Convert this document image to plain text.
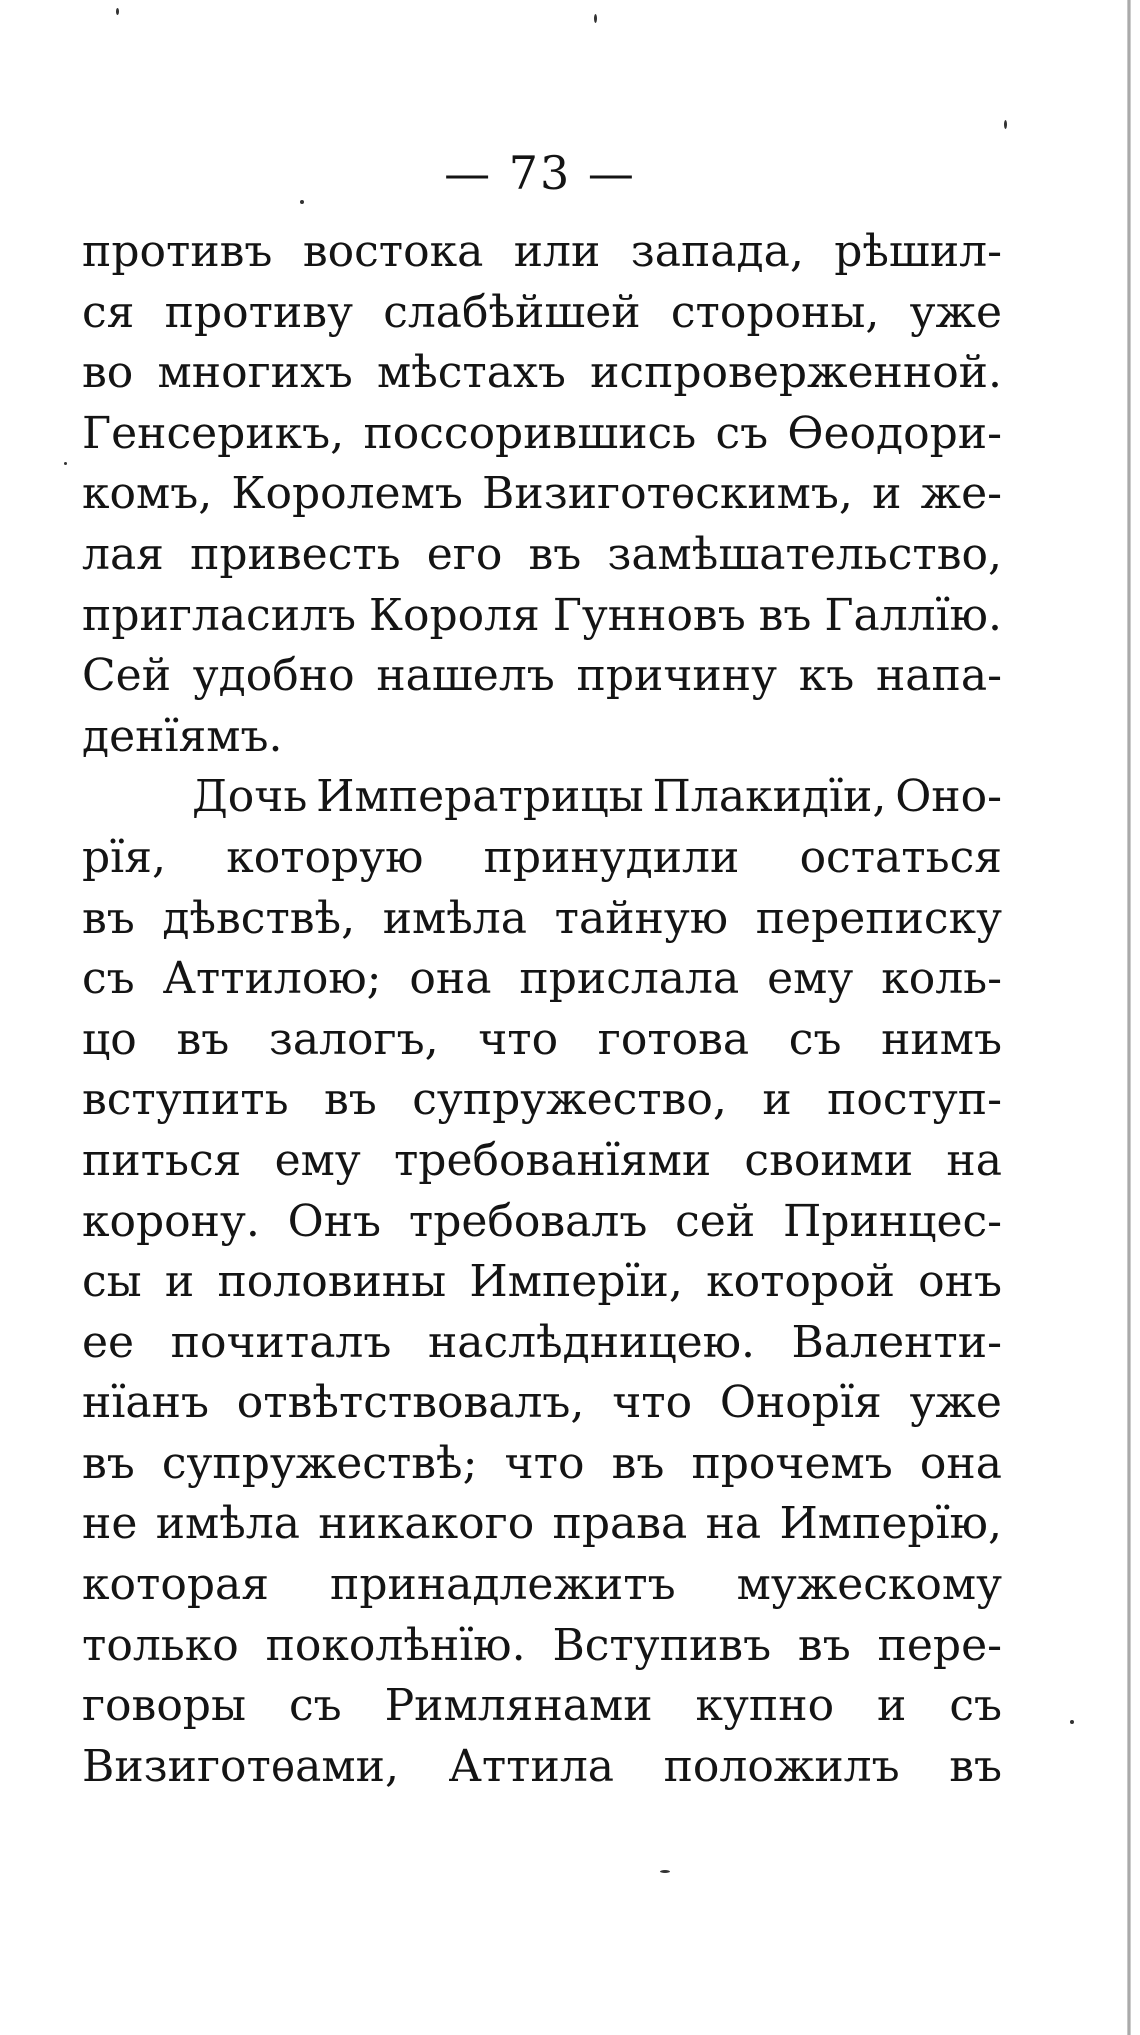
— 73 —
противъ востока или запада, рѣшил-
ся противу слабѣйшей стороны, уже
во многихъ мѣстахъ испроверженной.
Генсерикъ, поссорившись съ Ѳеодори-
комъ, Королемъ Визиготѳскимъ, и же-
лая привесть его въ замѣшательство,
пригласилъ Короля Гунновъ въ Галлїю.
Сей удобно нашелъ причину къ напа-
денїямъ.
Дочь Императрицы Плакидїи, Оно-
рїя, которую принудили остаться
въ дѣвствѣ, имѣла тайную переписку
съ Аттилою; она прислала ему коль-
цо въ залогъ, что готова съ нимъ
вступить въ супружество, и поступ-
питься ему требованїями своими на
корону. Онъ требовалъ сей Принцес-
сы и половины Имперїи, которой онъ
ее почиталъ наслѣдницею. Валенти-
нїанъ отвѣтствовалъ, что Онорїя уже
въ супружествѣ; что въ прочемъ она
не имѣла никакого права на Имперїю,
которая принадлежитъ мужескому
только поколѣнїю. Вступивъ въ пере-
говоры съ Римлянами купно и съ
Визиготѳами, Аттила положилъ въ
